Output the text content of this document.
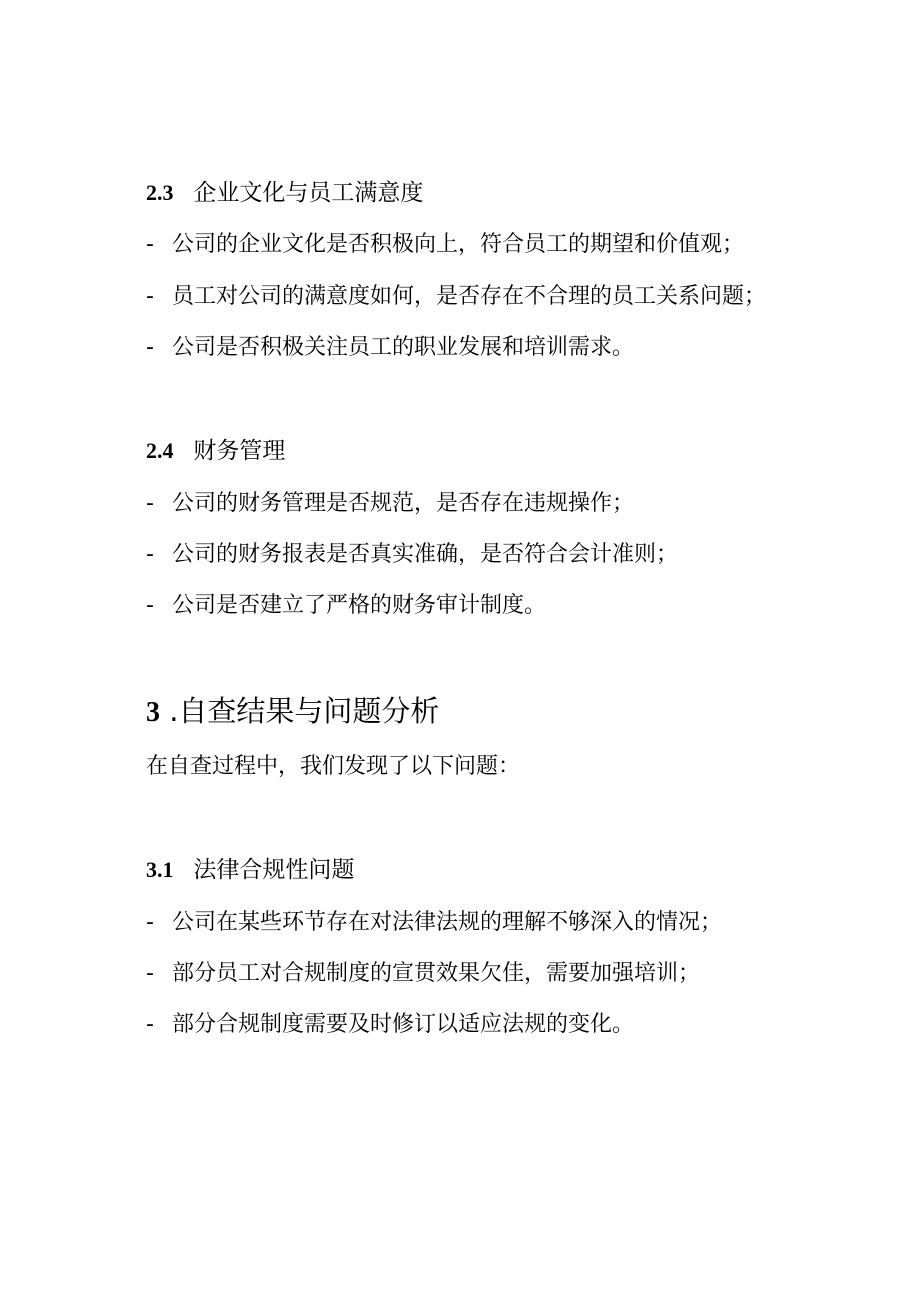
2.3 企业文化与员工满意度
- 公司的企业文化是否积极向上，符合员工的期望和价值观；
- 员工对公司的满意度如何，是否存在不合理的员工关系问题；
- 公司是否积极关注员工的职业发展和培训需求。
2.4 财务管理
- 公司的财务管理是否规范，是否存在违规操作；
- 公司的财务报表是否真实准确，是否符合会计准则；
- 公司是否建立了严格的财务审计制度。
3 .自查结果与问题分析
在自查过程中，我们发现了以下问题：
3.1 法律合规性问题
- 公司在某些环节存在对法律法规的理解不够深入的情况；
- 部分员工对合规制度的宣贯效果欠佳，需要加强培训；
- 部分合规制度需要及时修订以适应法规的变化。
